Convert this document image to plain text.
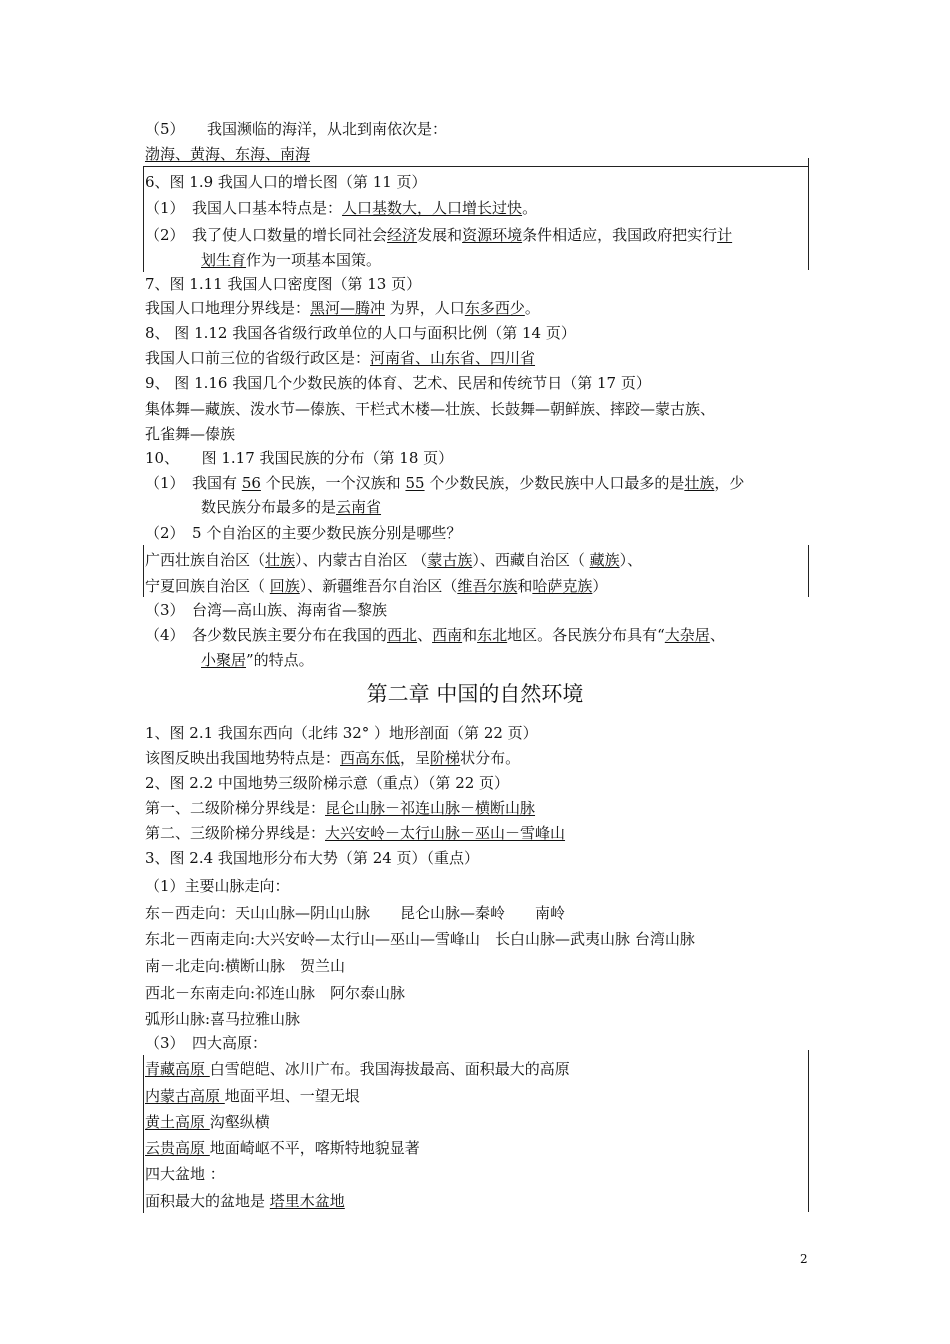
（5）　　我国濒临的海洋，从北到南依次是：
渤海、黄海、东海、南海
6、图 1.9 我国人口的增长图（第 11 页）
（1）　我国人口基本特点是：人口基数大，人口增长过快。
（2）　我了使人口数量的增长同社会经济发展和资源环境条件相适应，我国政府把实行计
划生育作为一项基本国策。
7、图 1.11 我国人口密度图（第 13 页）
我国人口地理分界线是：黑河—腾冲 为界，人口东多西少。
8、 图 1.12 我国各省级行政单位的人口与面积比例（第 14 页）
我国人口前三位的省级行政区是：河南省、山东省、四川省
9、 图 1.16 我国几个少数民族的体育、艺术、民居和传统节日（第 17 页）
集体舞—藏族、泼水节—傣族、干栏式木楼—壮族、长鼓舞—朝鲜族、摔跤—蒙古族、
孔雀舞—傣族
10、　　图 1.17 我国民族的分布（第 18 页）
（1）　我国有 56 个民族，一个汉族和 55 个少数民族，少数民族中人口最多的是壮族，少
数民族分布最多的是云南省
（2）　5 个自治区的主要少数民族分别是哪些？
广西壮族自治区（壮族）、内蒙古自治区 （蒙古族）、西藏自治区（ 藏族）、
宁夏回族自治区（ 回族）、新疆维吾尔自治区（维吾尔族和哈萨克族）
（3）　台湾—高山族、海南省—黎族
（4）　各少数民族主要分布在我国的西北、西南和东北地区。各民族分布具有“大杂居、
小聚居”的特点。
1、图 2.1 我国东西向（北纬 32° ）地形剖面（第 22 页）
该图反映出我国地势特点是：西高东低，呈阶梯状分布。
2、图 2.2 中国地势三级阶梯示意（重点）（第 22 页）
第一、二级阶梯分界线是：昆仑山脉－祁连山脉－横断山脉
第二、三级阶梯分界线是：大兴安岭－太行山脉－巫山－雪峰山
3、图 2.4 我国地形分布大势（第 24 页）（重点）
（1）主要山脉走向：
东－西走向：天山山脉—阴山山脉　　昆仑山脉—秦岭　　南岭
东北－西南走向:大兴安岭—太行山—巫山—雪峰山　长白山脉—武夷山脉 台湾山脉
南－北走向:横断山脉　贺兰山
西北－东南走向:祁连山脉　阿尔泰山脉
弧形山脉:喜马拉雅山脉
（3）　四大高原：
青藏高原 白雪皑皑、冰川广布。我国海拔最高、面积最大的高原
内蒙古高原 地面平坦、一望无垠
黄土高原 沟壑纵横
云贵高原 地面崎岖不平，喀斯特地貌显著
四大盆地 ：
面积最大的盆地是 塔里木盆地
第二章 中国的自然环境
2
